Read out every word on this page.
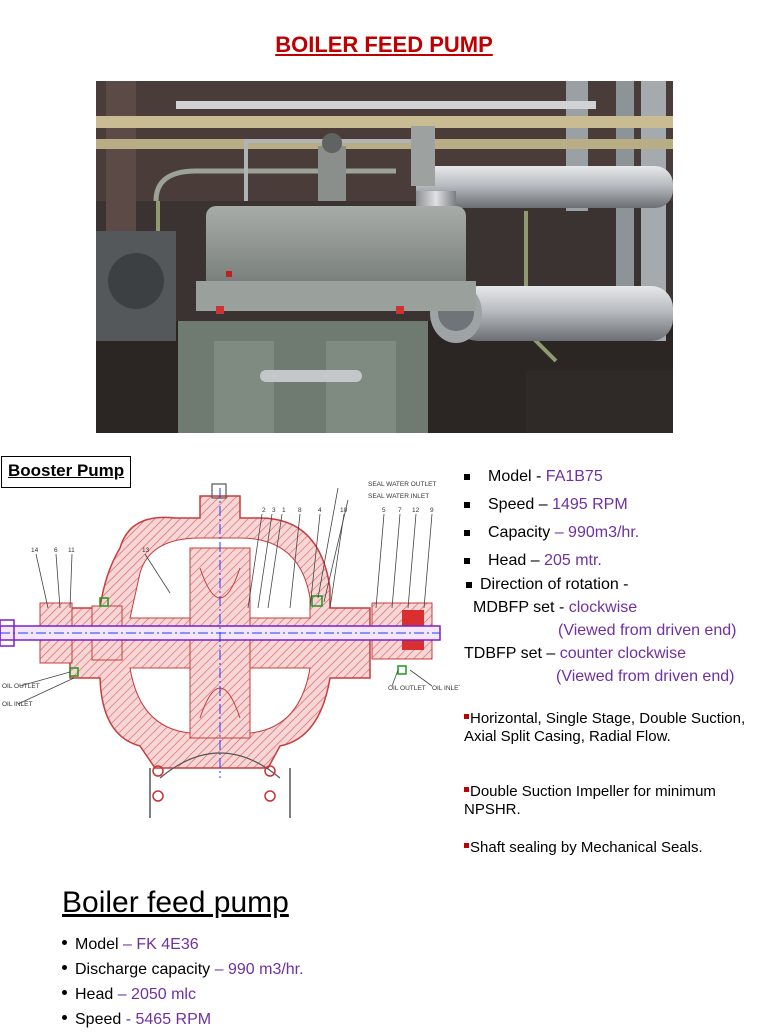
BOILER FEED PUMP
Booster Pump
2 3 1 8	4	10	5 7 12 9
13
14 6 11
SEAL WATER OUTLET
SEAL WATER INLET
OIL OUTLET
OIL INLET
OIL OUTLET OIL INLET
Model - FA1B75
Speed – 1495 RPM
Capacity – 990m3/hr.
Head – 205 mtr.
Direction of rotation -
MDBFP set - clockwise
(Viewed from driven end)
TDBFP set – counter clockwise
(Viewed from driven end)
Horizontal, Single Stage, Double Suction, Axial Split Casing, Radial Flow.
Double Suction Impeller for minimum NPSHR.
Shaft sealing by Mechanical Seals.
Boiler feed pump
Model – FK 4E36
Discharge capacity – 990 m3/hr.
Head – 2050 mlc
Speed - 5465 RPM
